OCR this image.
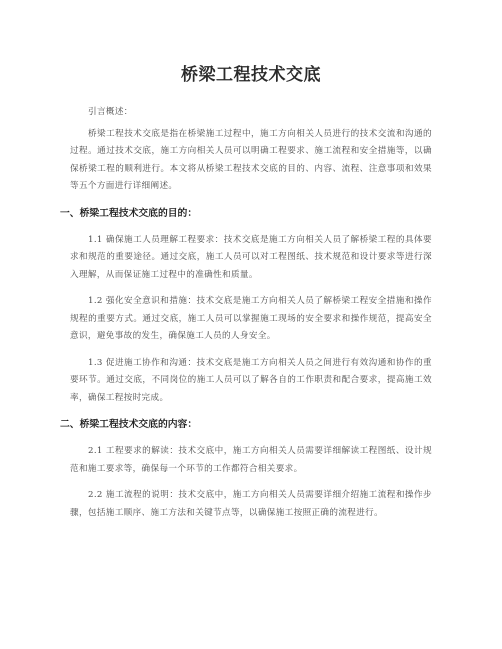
桥梁工程技术交底

引言概述：

桥梁工程技术交底是指在桥梁施工过程中，施工方向相关人员进行的技术交流和沟通的过程。通过技术交底，施工方向相关人员可以明确工程要求、施工流程和安全措施等，以确保桥梁工程的顺利进行。本文将从桥梁工程技术交底的目的、内容、流程、注意事项和效果等五个方面进行详细阐述。

一、桥梁工程技术交底的目的：

1.1 确保施工人员理解工程要求：技术交底是施工方向相关人员了解桥梁工程的具体要求和规范的重要途径。通过交底，施工人员可以对工程图纸、技术规范和设计要求等进行深入理解，从而保证施工过程中的准确性和质量。

1.2 强化安全意识和措施：技术交底是施工方向相关人员了解桥梁工程安全措施和操作规程的重要方式。通过交底，施工人员可以掌握施工现场的安全要求和操作规范，提高安全意识，避免事故的发生，确保施工人员的人身安全。

1.3 促进施工协作和沟通：技术交底是施工方向相关人员之间进行有效沟通和协作的重要环节。通过交底，不同岗位的施工人员可以了解各自的工作职责和配合要求，提高施工效率，确保工程按时完成。

二、桥梁工程技术交底的内容：

2.1 工程要求的解读：技术交底中，施工方向相关人员需要详细解读工程图纸、设计规范和施工要求等，确保每一个环节的工作都符合相关要求。

2.2 施工流程的说明：技术交底中，施工方向相关人员需要详细介绍施工流程和操作步骤，包括施工顺序、施工方法和关键节点等，以确保施工按照正确的流程进行。
